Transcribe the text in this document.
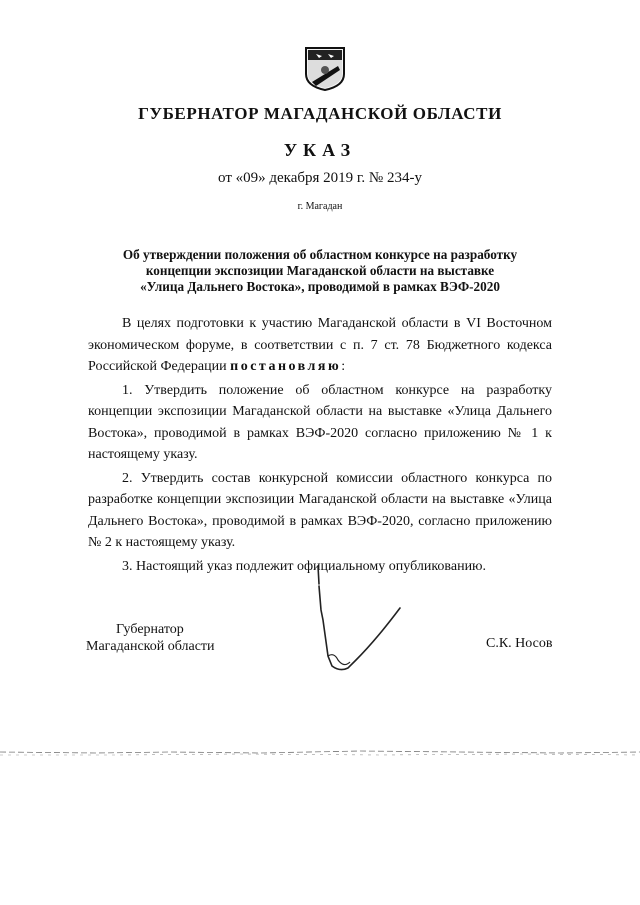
ГУБЕРНАТОР МАГАДАНСКОЙ ОБЛАСТИ
УКАЗ
от «09» декабря 2019 г. № 234-у
г. Магадан
Об утверждении положения об областном конкурсе на разработку
концепции экспозиции Магаданской области на выставке
«Улица Дальнего Востока», проводимой в рамках ВЭФ-2020

В целях подготовки к участию Магаданской области в VI Восточном экономическом форуме, в соответствии с п. 7 ст. 78 Бюджетного кодекса Российской Федерации постановляю:

1. Утвердить положение об областном конкурсе на разработку концепции экспозиции Магаданской области на выставке «Улица Дальнего Востока», проводимой в рамках ВЭФ-2020 согласно приложению № 1 к настоящему указу.

2. Утвердить состав конкурсной комиссии областного конкурса по разработке концепции экспозиции Магаданской области на выставке «Улица Дальнего Востока», проводимой в рамках ВЭФ-2020, согласно приложению № 2 к настоящему указу.

3. Настоящий указ подлежит официальному опубликованию.

Губернатор
Магаданской области	С.К. Носов
